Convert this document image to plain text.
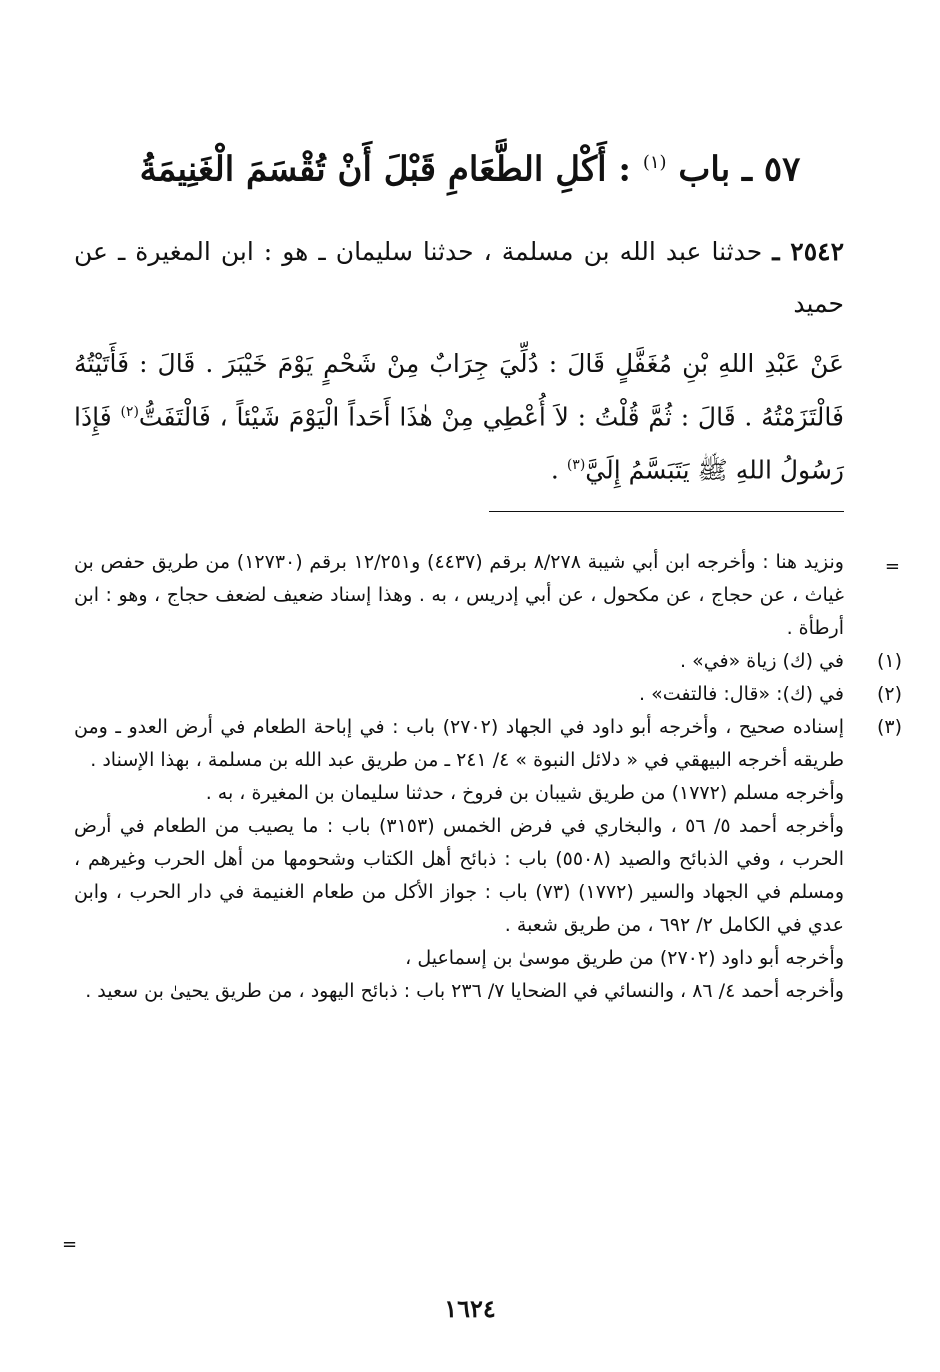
٥٧ ـ باب $^{(١)}$ : أَكْلِ الطَّعَامِ قَبْلَ أَنْ تُقْسَمَ الْغَنِيمَةُ
٢٥٤٢ ـ حدثنا عبد الله بن مسلمة ، حدثنا سليمان ـ هو : ابن المغيرة ـ عن حميد
عَنْ عَبْدِ اللهِ بْنِ مُغَفَّلٍ قَالَ : دُلِّيَ جِرَابٌ مِنْ شَحْمٍ يَوْمَ خَيْبَرَ . قَالَ : فَأَتَيْتُهُ فَالْتَزَمْتُهُ . قَالَ : ثُمَّ قُلْتُ : لاَ أُعْطِي مِنْ هٰذَا أَحَداً الْيَوْمَ شَيْئاً ، فَالْتَفَتُّ$^{(٢)}$ فَإِذَا رَسُولُ اللهِ ﷺ يَتَبَسَّمُ إِلَيَّ$^{(٣)}$ .
=

ونزيد هنا : وأخرجه ابن أبي شيبة ٨/٢٧٨ برقم (٤٤٣٧) و١٢/٢٥١ برقم (١٢٧٣٠) من طريق حفص بن غياث ، عن حجاج ، عن مكحول ، عن أبي إدريس ، به . وهذا إسناد ضعيف لضعف حجاج ، وهو : ابن أرطأة .

(١)

في (ك) زياة «في» .

(٢)

في (ك): «قال: فالتفت» .

(٣)

إسناده صحيح ، وأخرجه أبو داود في الجهاد (٢٧٠٢) باب : في إباحة الطعام في أرض العدو ـ ومن طريقه أخرجه البيهقي في « دلائل النبوة » ٤/ ٢٤١ ـ من طريق عبد الله بن مسلمة ، بهذا الإسناد .

وأخرجه مسلم (١٧٧٢) من طريق شيبان بن فروخ ، حدثنا سليمان بن المغيرة ، به .

وأخرجه أحمد ٥/ ٥٦ ، والبخاري في فرض الخمس (٣١٥٣) باب : ما يصيب من الطعام في أرض الحرب ، وفي الذبائح والصيد (٥٥٠٨) باب : ذبائح أهل الكتاب وشحومها من أهل الحرب وغيرهم ، ومسلم في الجهاد والسير (١٧٧٢) (٧٣) باب : جواز الأكل من طعام الغنيمة في دار الحرب ، وابن عدي في الكامل ٢/ ٦٩٢ ، من طريق شعبة .

وأخرجه أبو داود (٢٧٠٢) من طريق موسىٰ بن إسماعيل ،

وأخرجه أحمد ٤/ ٨٦ ، والنسائي في الضحايا ٧/ ٢٣٦ باب : ذبائح اليهود ، من طريق يحيىٰ بن سعيد .

=
١٦٢٤
